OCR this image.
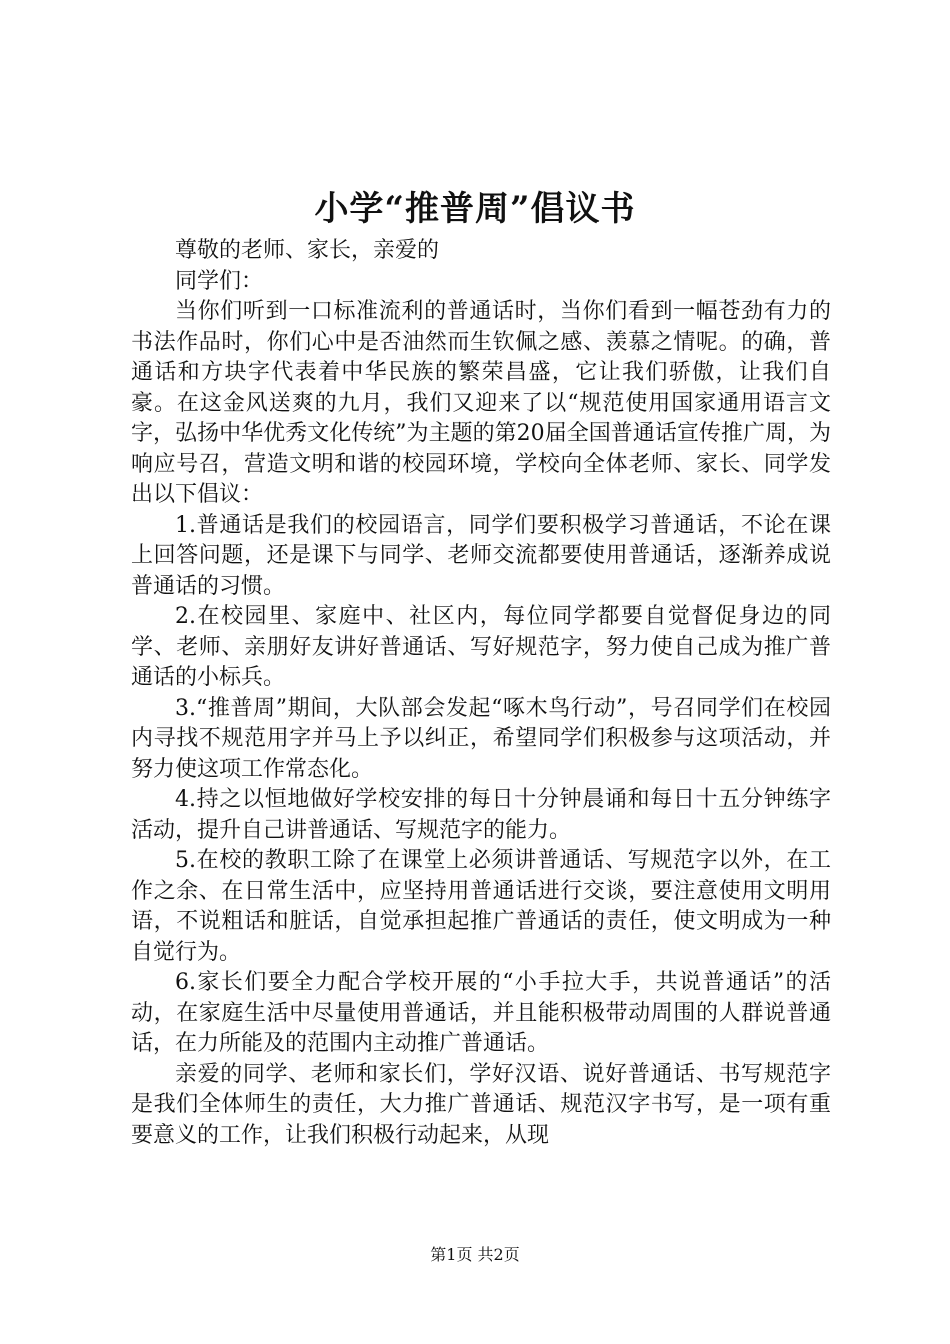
小学“推普周”倡议书

尊敬的老师、家长，亲爱的

同学们：

当你们听到一口标准流利的普通话时，当你们看到一幅苍劲有力的书法作品时，你们心中是否油然而生钦佩之感、羡慕之情呢。的确，普通话和方块字代表着中华民族的繁荣昌盛，它让我们骄傲，让我们自豪。在这金风送爽的九月，我们又迎来了以“规范使用国家通用语言文字，弘扬中华优秀文化传统”为主题的第20届全国普通话宣传推广周，为响应号召，营造文明和谐的校园环境，学校向全体老师、家长、同学发出以下倡议：

1.普通话是我们的校园语言，同学们要积极学习普通话，不论在课上回答问题，还是课下与同学、老师交流都要使用普通话，逐渐养成说普通话的习惯。

2.在校园里、家庭中、社区内，每位同学都要自觉督促身边的同学、老师、亲朋好友讲好普通话、写好规范字，努力使自己成为推广普通话的小标兵。

3.“推普周”期间，大队部会发起“啄木鸟行动”，号召同学们在校园内寻找不规范用字并马上予以纠正，希望同学们积极参与这项活动，并努力使这项工作常态化。

4.持之以恒地做好学校安排的每日十分钟晨诵和每日十五分钟练字活动，提升自己讲普通话、写规范字的能力。

5.在校的教职工除了在课堂上必须讲普通话、写规范字以外，在工作之余、在日常生活中，应坚持用普通话进行交谈，要注意使用文明用语，不说粗话和脏话，自觉承担起推广普通话的责任，使文明成为一种自觉行为。

6.家长们要全力配合学校开展的“小手拉大手，共说普通话”的活动，在家庭生活中尽量使用普通话，并且能积极带动周围的人群说普通话，在力所能及的范围内主动推广普通话。

亲爱的同学、老师和家长们，学好汉语、说好普通话、书写规范字是我们全体师生的责任，大力推广普通话、规范汉字书写，是一项有重要意义的工作，让我们积极行动起来，从现

第1页 共2页
